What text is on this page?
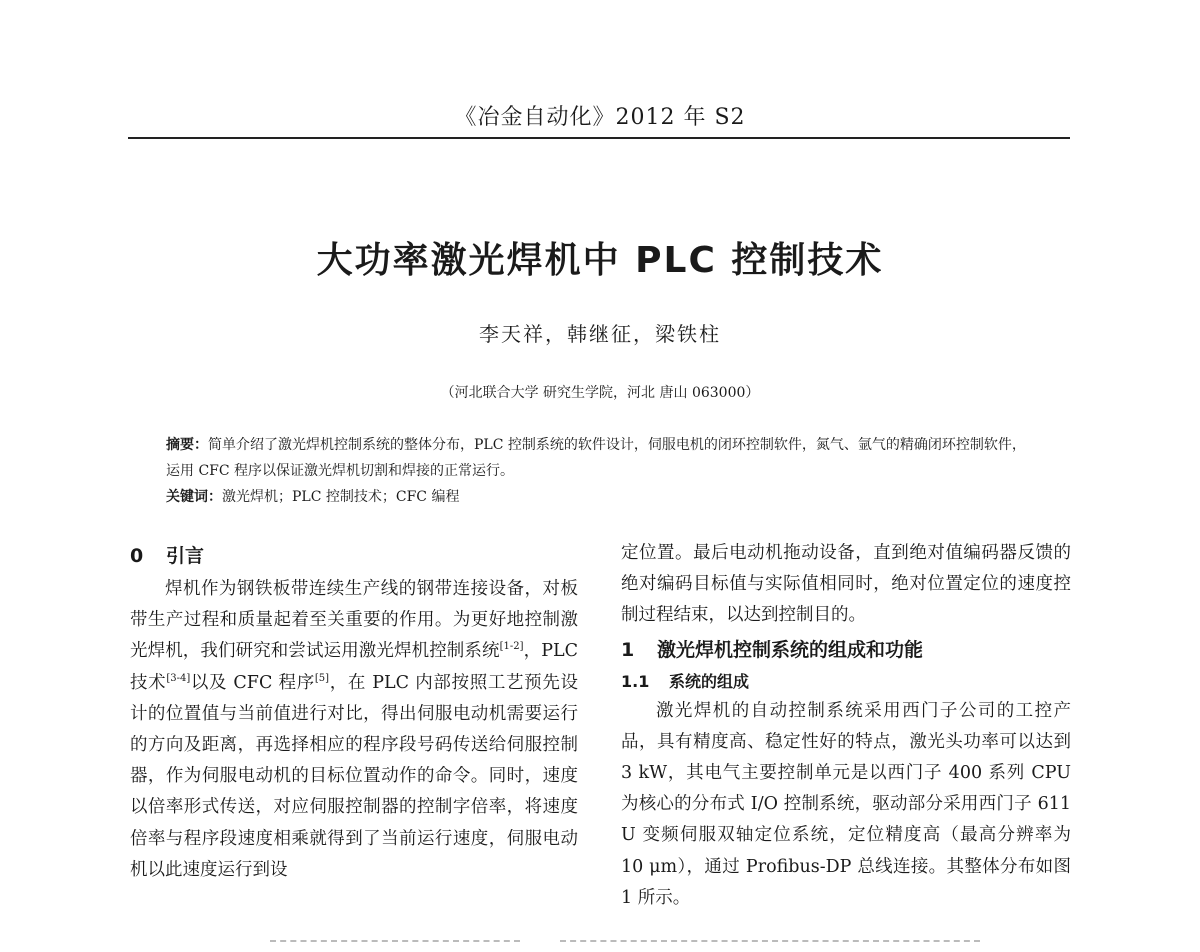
《冶金自动化》2012 年 S2
大功率激光焊机中 PLC 控制技术
李天祥，韩继征，梁铁柱
（河北联合大学 研究生学院，河北 唐山 063000）

摘要：简单介绍了激光焊机控制系统的整体分布，PLC 控制系统的软件设计，伺服电机的闭环控制软件，氮气、氩气的精确闭环控制软件，运用 CFC 程序以保证激光焊机切割和焊接的正常运行。

关键词：激光焊机；PLC 控制技术；CFC 编程

0 引言

焊机作为钢铁板带连续生产线的钢带连接设备，对板带生产过程和质量起着至关重要的作用。为更好地控制激光焊机，我们研究和尝试运用激光焊机控制系统[1-2]，PLC 技术[3-4]以及 CFC 程序[5]，在 PLC 内部按照工艺预先设计的位置值与当前值进行对比，得出伺服电动机需要运行的方向及距离，再选择相应的程序段号码传送给伺服控制器，作为伺服电动机的目标位置动作的命令。同时，速度以倍率形式传送，对应伺服控制器的控制字倍率，将速度倍率与程序段速度相乘就得到了当前运行速度，伺服电动机以此速度运行到设

定位置。最后电动机拖动设备，直到绝对值编码器反馈的绝对编码目标值与实际值相同时，绝对位置定位的速度控制过程结束，以达到控制目的。

1 激光焊机控制系统的组成和功能
1.1 系统的组成

激光焊机的自动控制系统采用西门子公司的工控产品，具有精度高、稳定性好的特点，激光头功率可以达到 3 kW，其电气主要控制单元是以西门子 400 系列 CPU 为核心的分布式 I/O 控制系统，驱动部分采用西门子 611 U 变频伺服双轴定位系统，定位精度高（最高分辨率为 10 μm），通过 Profibus-DP 总线连接。其整体分布如图 1 所示。
